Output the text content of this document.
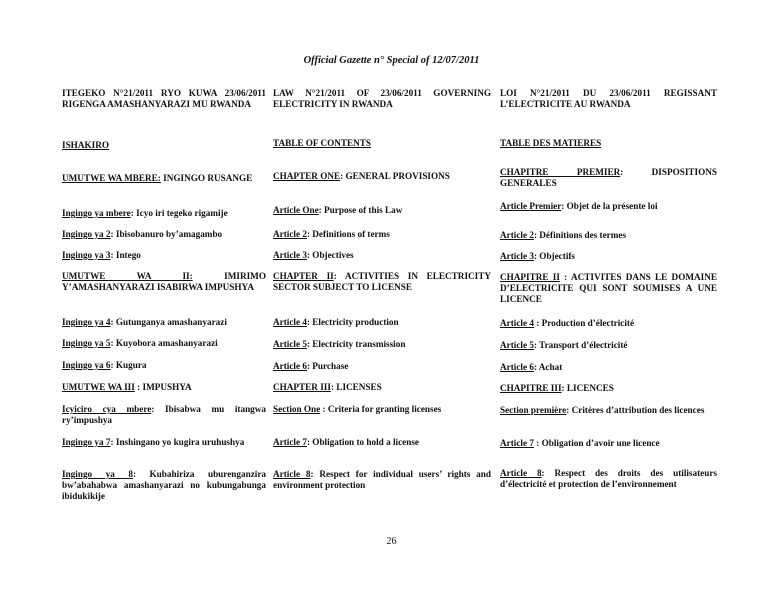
Official Gazette n° Special of 12/07/2011
ITEGEKO N°21/2011 RYO KUWA 23/06/2011 RIGENGA AMASHANYARAZI MU RWANDA
ISHAKIRO
UMUTWE WA MBERE: INGINGO RUSANGE
Ingingo ya mbere: Icyo iri tegeko rigamije
Ingingo ya 2: Ibisobanuro by’amagambo
Ingingo ya 3: Intego
UMUTWE WA II: IMIRIMO Y’AMASHANYARAZI ISABIRWA IMPUSHYA
Ingingo ya 4: Gutunganya amashanyarazi
Ingingo ya 5: Kuyobora amashanyarazi
Ingingo ya 6: Kugura
UMUTWE WA III : IMPUSHYA
Icyiciro cya mbere: Ibisabwa mu itangwa ry’impushya
Ingingo ya 7: Inshingano yo kugira uruhushya
Ingingo ya 8: Kubahiriza uburenganzira bw’abahabwa amashanyarazi no kubungabunga ibidukikije
LAW N°21/2011 OF 23/06/2011 GOVERNING ELECTRICITY IN RWANDA
TABLE OF CONTENTS
CHAPTER ONE: GENERAL PROVISIONS
Article One: Purpose of this Law
Article 2: Definitions of terms
Article 3: Objectives
CHAPTER II: ACTIVITIES IN ELECTRICITY SECTOR SUBJECT TO LICENSE
Article 4: Electricity production
Article 5: Electricity transmission
Article 6: Purchase
CHAPTER III: LICENSES
Section One : Criteria for granting licenses
Article 7: Obligation to hold a license
Article 8: Respect for individual users’ rights and environment protection
LOI N°21/2011 DU 23/06/2011 REGISSANT L’ELECTRICITE AU RWANDA
TABLE DES MATIERES
CHAPITRE PREMIER: DISPOSITIONS GENERALES
Article Premier: Objet de la présente loi
Article 2: Définitions des termes
Article 3: Objectifs
CHAPITRE II : ACTIVITES DANS LE DOMAINE D’ELECTRICITE QUI SONT SOUMISES A UNE LICENCE
Article 4 : Production d’électricité
Article 5: Transport d’électricité
Article 6: Achat
CHAPITRE III: LICENCES
Section première: Critères d’attribution des licences
Article 7 : Obligation d’avoir une licence
Article 8: Respect des droits des utilisateurs d’électricité et protection de l’environnement
26
